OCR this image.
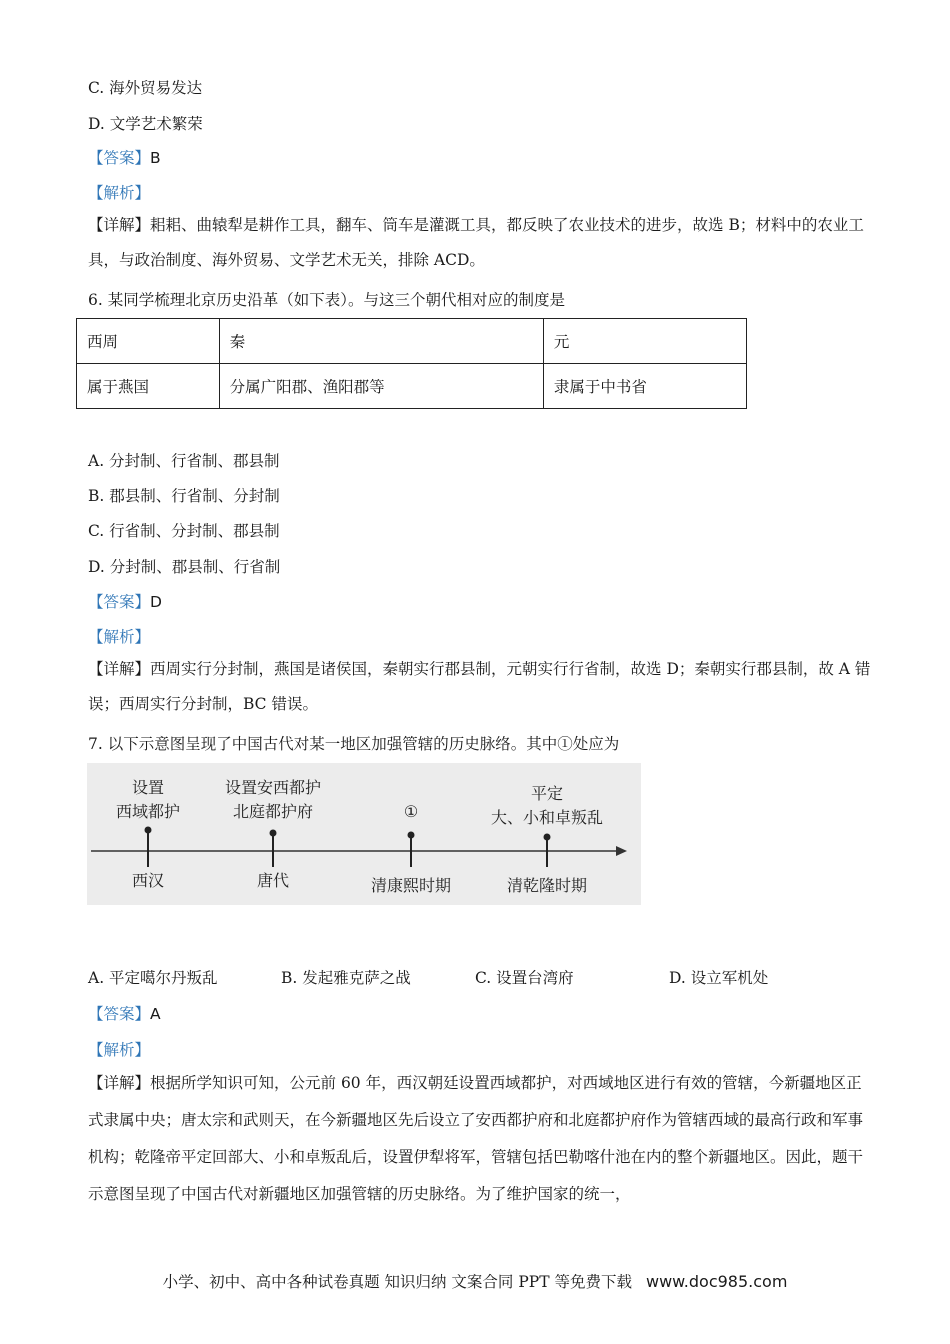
C. 海外贸易发达
D. 文学艺术繁荣
【答案】B
【解析】
【详解】耜耜、曲辕犁是耕作工具，翻车、筒车是灌溉工具，都反映了农业技术的进步，故选 B；材料中的农业工具，与政治制度、海外贸易、文学艺术无关，排除 ACD。
6. 某同学梳理北京历史沿革（如下表）。与这三个朝代相对应的制度是
西周	秦	元
属于燕国	分属广阳郡、渔阳郡等	隶属于中书省
A. 分封制、行省制、郡县制
B. 郡县制、行省制、分封制
C. 行省制、分封制、郡县制
D. 分封制、郡县制、行省制
【答案】D
【解析】
【详解】西周实行分封制，燕国是诸侯国，秦朝实行郡县制，元朝实行行省制，故选 D；秦朝实行郡县制，故 A 错误；西周实行分封制，BC 错误。
7. 以下示意图呈现了中国古代对某一地区加强管辖的历史脉络。其中①处应为
设置
西域都护
西汉
设置安西都护
北庭都护府
唐代
①
清康熙时期
平定
大、小和卓叛乱
清乾隆时期
A. 平定噶尔丹叛乱	B. 发起雅克萨之战	C. 设置台湾府	D. 设立军机处
【答案】A
【解析】
【详解】根据所学知识可知，公元前 60 年，西汉朝廷设置西域都护，对西域地区进行有效的管辖，今新疆地区正式隶属中央；唐太宗和武则天，在今新疆地区先后设立了安西都护府和北庭都护府作为管辖西域的最高行政和军事机构；乾隆帝平定回部大、小和卓叛乱后，设置伊犁将军，管辖包括巴勒喀什池在内的整个新疆地区。因此，题干示意图呈现了中国古代对新疆地区加强管辖的历史脉络。为了维护国家的统一，
小学、初中、高中各种试卷真题 知识归纳 文案合同 PPT 等免费下载 www.doc985.com
